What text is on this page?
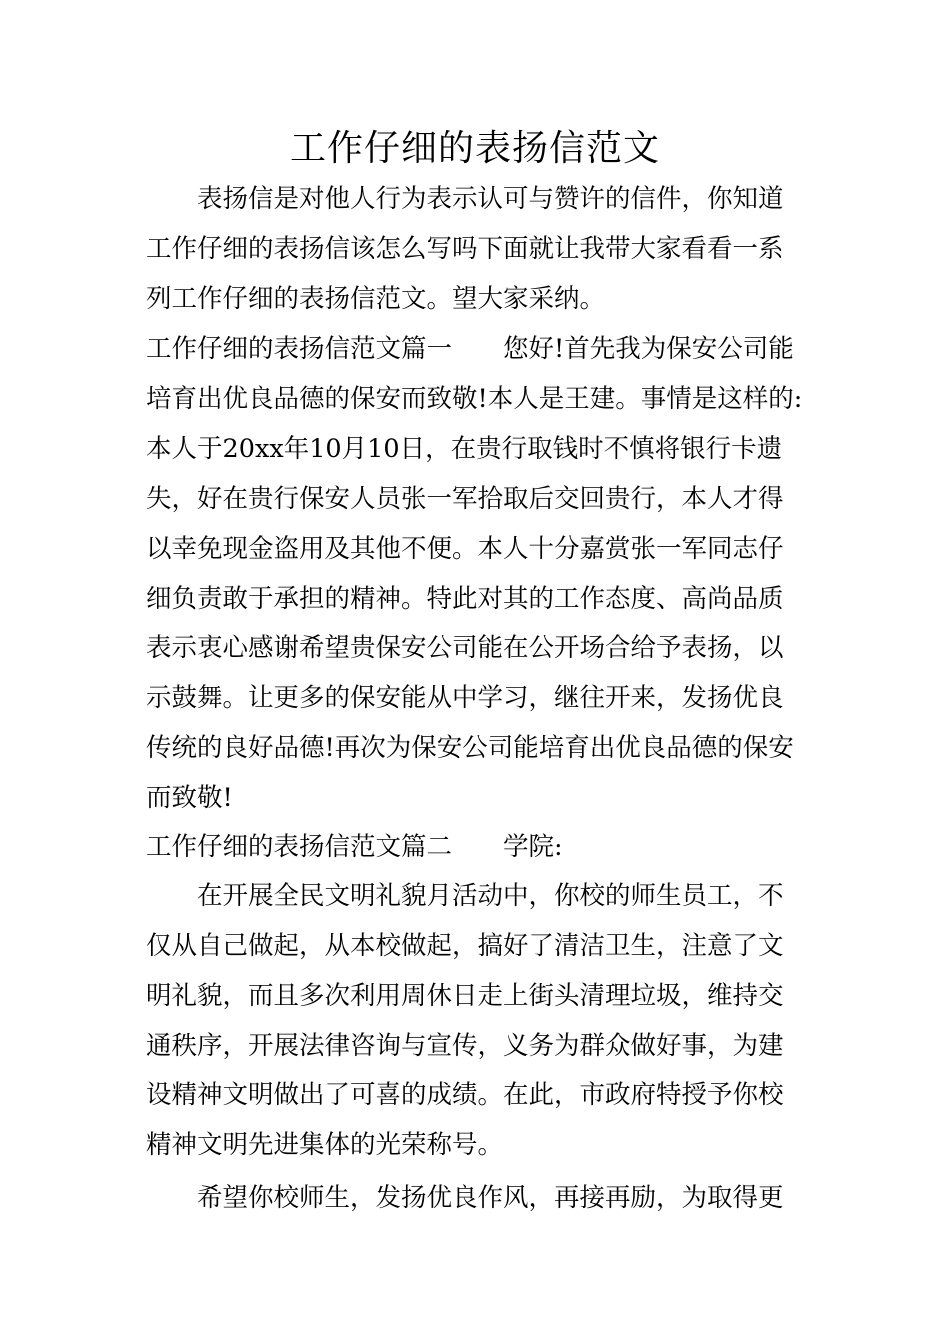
工作仔细的表扬信范文
表扬信是对他人行为表示认可与赞许的信件，你知道
工作仔细的表扬信该怎么写吗下面就让我带大家看看一系
列工作仔细的表扬信范文。望大家采纳。
工作仔细的表扬信范文篇一　　您好!首先我为保安公司能
培育出优良品德的保安而致敬!本人是王建。事情是这样的:
本人于20xx年10月10日，在贵行取钱时不慎将银行卡遗
失，好在贵行保安人员张一军拾取后交回贵行，本人才得
以幸免现金盗用及其他不便。本人十分嘉赏张一军同志仔
细负责敢于承担的精神。特此对其的工作态度、高尚品质
表示衷心感谢希望贵保安公司能在公开场合给予表扬，以
示鼓舞。让更多的保安能从中学习，继往开来，发扬优良
传统的良好品德!再次为保安公司能培育出优良品德的保安
而致敬!
工作仔细的表扬信范文篇二　　学院:
在开展全民文明礼貌月活动中，你校的师生员工，不
仅从自己做起，从本校做起，搞好了清洁卫生，注意了文
明礼貌，而且多次利用周休日走上街头清理垃圾，维持交
通秩序，开展法律咨询与宣传，义务为群众做好事，为建
设精神文明做出了可喜的成绩。在此，市政府特授予你校
精神文明先进集体的光荣称号。
希望你校师生，发扬优良作风，再接再励，为取得更
